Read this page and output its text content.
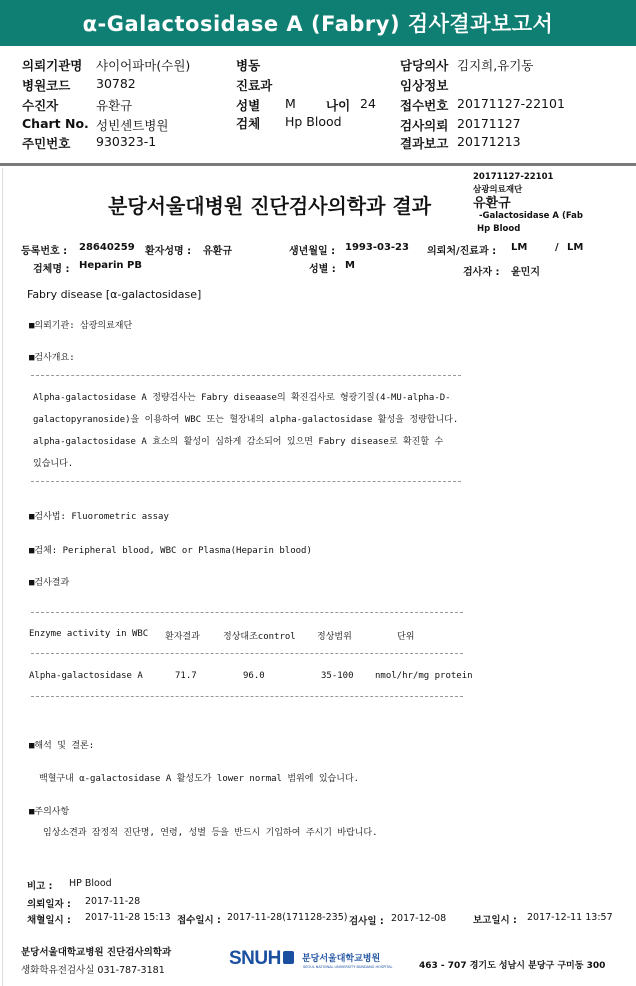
α-Galactosidase A (Fabry) 검사결과보고서
의뢰기관명 샤이어파마(수원)	병동	담당의사 김지희,유기동
병원코드 30782	진료과	임상정보
수진자	유환규	성별 M 나이 24 접수번호 20171127-22101
Chart No. 성빈센트병원	검체 Hp Blood	검사의뢰 20171127
주민번호 930323-1	결과보고 20171213
분당서울대병원 진단검사의학과 결과
20171127-22101
삼광의료재단
유환규
-Galactosidase A (Fab
Hp Blood
등록번호 : 28640259 환자성명 : 유환규	생년월일 : 1993-03-23 의뢰처/진료과 : LM	/ LM
검체명 : Heparin PB	성별 : M
검사자 : 윤민지
Fabry disease [α-galactosidase]
■의뢰기관: 삼광의료재단
■검사개요:
Alpha-galactosidase A 정량검사는 Fabry diseaase의 확진검사로 형광기질(4-MU-alpha-D-
galactopyranoside)을 이용하여 WBC 또는 혈장내의 alpha-galactosidase 활성을 정량합니다.
alpha-galactosidase A 효소의 활성이 심하게 감소되어 있으면 Fabry disease로 확진할 수
있습니다.
■검사법: Fluorometric assay
■검체: Peripheral blood, WBC or Plasma(Heparin blood)
■검사결과
Enzyme activity in WBC 환자결과	정상대조control 정상범위	단위
Alpha-galactosidase A	71.7	96.0	35-100 nmol/hr/mg protein
■해석 및 결론:
백혈구내 α-galactosidase A 활성도가 lower normal 범위에 있습니다.
■주의사항
임상소견과 잠정적 진단명, 연령, 성별 등을 반드시 기입하여 주시기 바랍니다.
비고 : HP Blood
의뢰일자 : 2017-11-28
채혈일시 : 2017-11-28 15:13 접수일시 : 2017-11-28(171128-235) 검사일 : 2017-12-08	보고일시 : 2017-12-11 13:57
분당서울대학교병원 진단검사의학과
생화학유전검사실 031-787-3181
SNUH 분당서울대학교병원
SEOUL NATIONAL UNIVERSITY BUNDANG HOSPITAL	463 - 707 경기도 성남시 분당구 구미동 300
